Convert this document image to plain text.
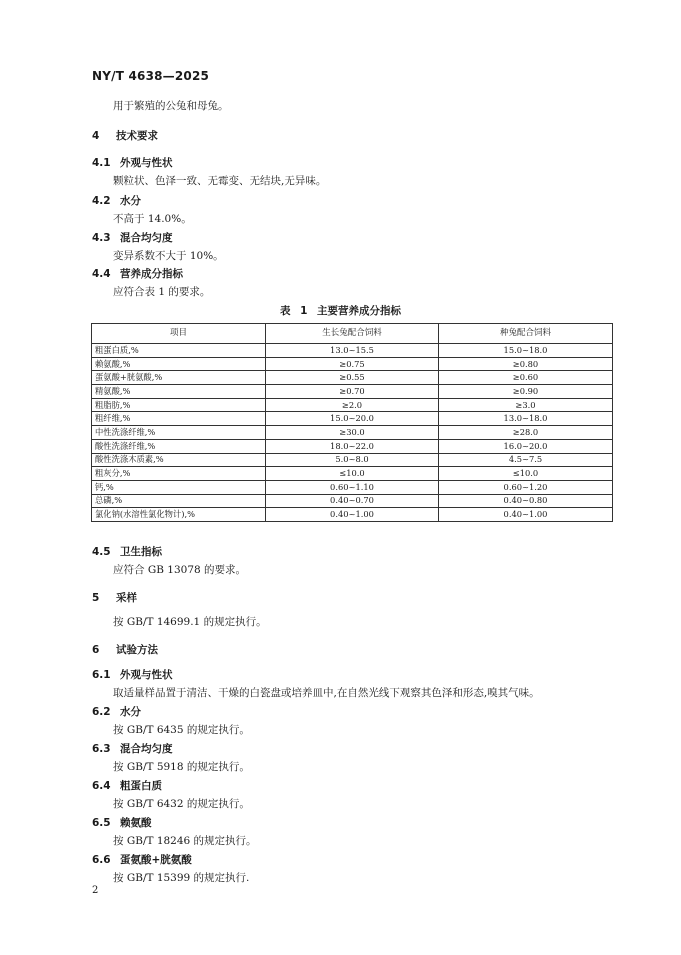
NY/T 4638—2025
用于繁殖的公兔和母兔。
4 技术要求
4.1 外观与性状
颗粒状、色泽一致、无霉变、无结块,无异味。
4.2 水分
不高于 14.0%。
4.3 混合均匀度
变异系数不大于 10%。
4.4 营养成分指标
应符合表 1 的要求。
表 1 主要营养成分指标
项目	生长兔配合饲料	种兔配合饲料
粗蛋白质,%	13.0~15.5	15.0~18.0
赖氨酸,%	≥0.75	≥0.80
蛋氨酸+胱氨酸,%	≥0.55	≥0.60
精氨酸,%	≥0.70	≥0.90
粗脂肪,%	≥2.0	≥3.0
粗纤维,%	15.0~20.0	13.0~18.0
中性洗涤纤维,%	≥30.0	≥28.0
酸性洗涤纤维,%	18.0~22.0	16.0~20.0
酸性洗涤木质素,%	5.0~8.0	4.5~7.5
粗灰分,%	≤10.0	≤10.0
钙,%	0.60~1.10	0.60~1.20
总磷,%	0.40~0.70	0.40~0.80
氯化钠(水溶性氯化物计),%	0.40~1.00	0.40~1.00
4.5 卫生指标
应符合 GB 13078 的要求。
5 采样
按 GB/T 14699.1 的规定执行。
6 试验方法
6.1 外观与性状
取适量样品置于清洁、干燥的白瓷盘或培养皿中,在自然光线下观察其色泽和形态,嗅其气味。
6.2 水分
按 GB/T 6435 的规定执行。
6.3 混合均匀度
按 GB/T 5918 的规定执行。
6.4 粗蛋白质
按 GB/T 6432 的规定执行。
6.5 赖氨酸
按 GB/T 18246 的规定执行。
6.6 蛋氨酸+胱氨酸
按 GB/T 15399 的规定执行.
2
